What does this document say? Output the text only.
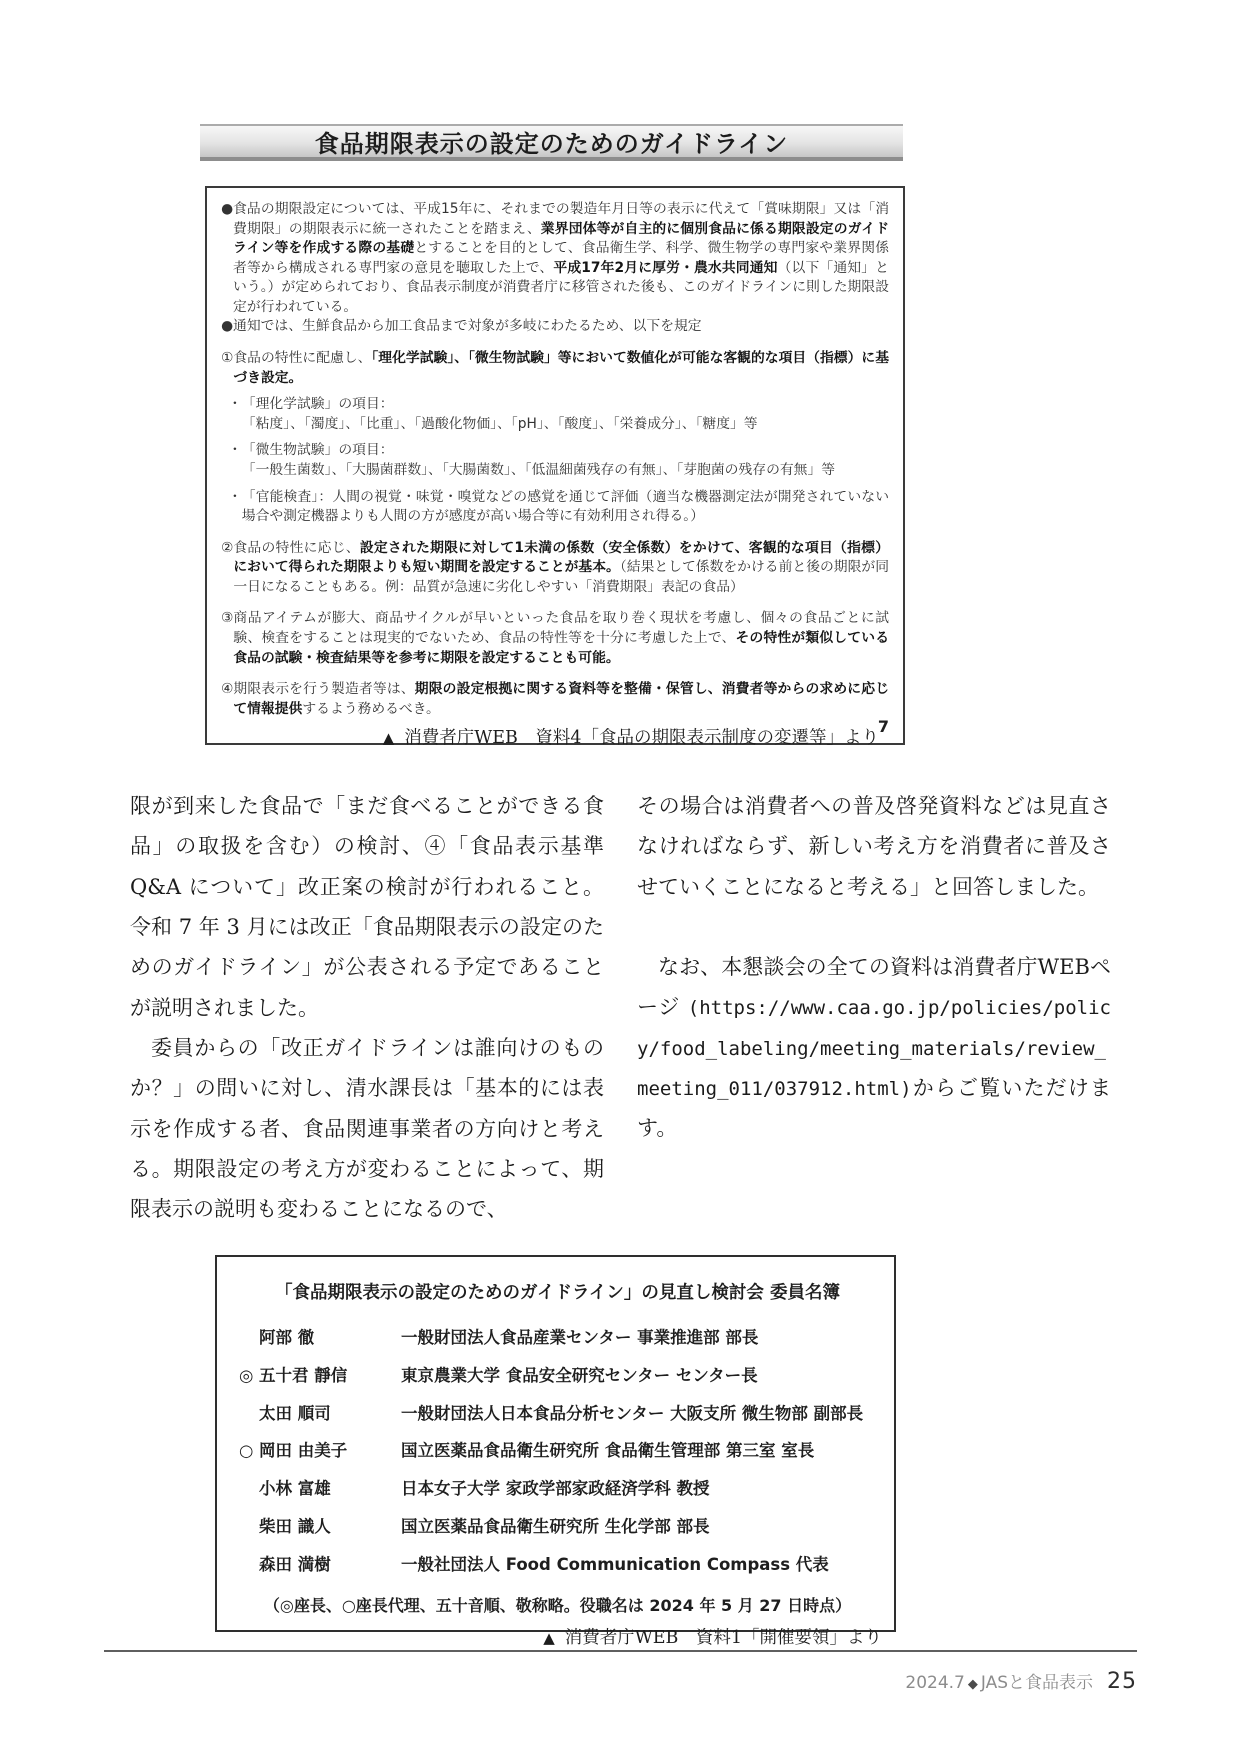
食品期限表示の設定のためのガイドライン
● 食品の期限設定については、平成15年に、それまでの製造年月日等の表示に代えて「賞味期限」又は「消費期限」の期限表示に統一されたことを踏まえ、業界団体等が自主的に個別食品に係る期限設定のガイドライン等を作成する際の基礎とすることを目的として、食品衛生学、科学、微生物学の専門家や業界関係者等から構成される専門家の意見を聴取した上で、平成17年2月に厚労・農水共同通知（以下「通知」という。）が定められており、食品表示制度が消費者庁に移管された後も、このガイドラインに則した期限設定が行われている。
● 通知では、生鮮食品から加工食品まで対象が多岐にわたるため、以下を規定
① 食品の特性に配慮し、「理化学試験」、「微生物試験」等において数値化が可能な客観的な項目（指標）に基づき設定。
・ 「理化学試験」の項目：
「粘度」、「濁度」、「比重」、「過酸化物価」、「pH」、「酸度」、「栄養成分」、「糖度」等
・ 「微生物試験」の項目：
「一般生菌数」、「大腸菌群数」、「大腸菌数」、「低温細菌残存の有無」、「芽胞菌の残存の有無」等
・ 「官能検査」：人間の視覚・味覚・嗅覚などの感覚を通じて評価（適当な機器測定法が開発されていない場合や測定機器よりも人間の方が感度が高い場合等に有効利用され得る。）
② 食品の特性に応じ、設定された期限に対して1未満の係数（安全係数）をかけて、客観的な項目（指標）において得られた期限よりも短い期間を設定することが基本。（結果として係数をかける前と後の期限が同一日になることもある。例：品質が急速に劣化しやすい「消費期限」表記の食品）
③ 商品アイテムが膨大、商品サイクルが早いといった食品を取り巻く現状を考慮し、個々の食品ごとに試験、検査をすることは現実的でないため、食品の特性等を十分に考慮した上で、その特性が類似している食品の試験・検査結果等を参考に期限を設定することも可能。
④ 期限表示を行う製造者等は、期限の設定根拠に関する資料等を整備・保管し、消費者等からの求めに応じて情報提供するよう務めるべき。
7
▲ 消費者庁WEB　資料4「食品の期限表示制度の変遷等」より

限が到来した食品で「まだ食べることができる食品」の取扱を含む）の検討、④「食品表示基準 Q&A について」改正案の検討が行われること。令和 7 年 3 月には改正「食品期限表示の設定のためのガイドライン」が公表される予定であることが説明されました。

委員からの「改正ガイドラインは誰向けのものか？」の問いに対し、清水課長は「基本的には表示を作成する者、食品関連事業者の方向けと考える。期限設定の考え方が変わることによって、期限表示の説明も変わることになるので、

その場合は消費者への普及啓発資料などは見直さなければならず、新しい考え方を消費者に普及させていくことになると考える」と回答しました。

なお、本懇談会の全ての資料は消費者庁WEBページ (https://www.caa.go.jp/policies/policy/food_labeling/meeting_materials/review_meeting_011/037912.html)からご覧いただけます。

「食品期限表示の設定のためのガイドライン」の見直し検討会 委員名簿
阿部 徹	一般財団法人食品産業センター 事業推進部 部長
◎ 五十君 靜信	東京農業大学 食品安全研究センター センター長
太田 順司	一般財団法人日本食品分析センター 大阪支所 微生物部 副部長
○ 岡田 由美子	国立医薬品食品衛生研究所 食品衛生管理部 第三室 室長
小林 富雄	日本女子大学 家政学部家政経済学科 教授
柴田 識人	国立医薬品食品衛生研究所 生化学部 部長
森田 満樹	一般社団法人 Food Communication Compass 代表
（◎座長、○座長代理、五十音順、敬称略。役職名は 2024 年 5 月 27 日時点）
▲ 消費者庁WEB　資料1「開催要領」より
2024.7 ◆ JASと食品表示 25
